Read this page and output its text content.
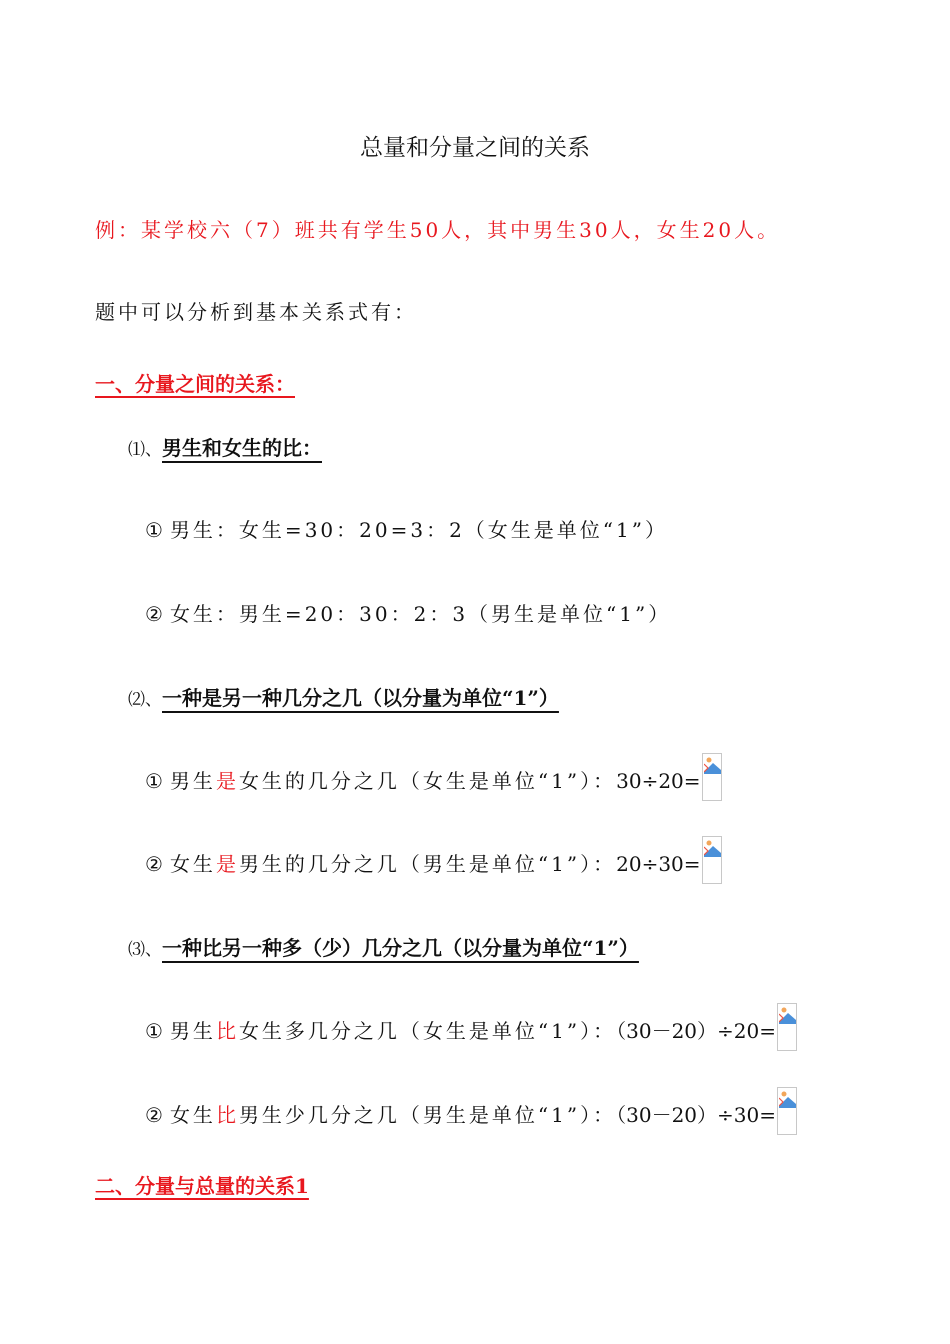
总量和分量之间的关系
例：某学校六（7）班共有学生50人，其中男生30人，女生20人。
题中可以分析到基本关系式有：
一、分量之间的关系：
⑴、男生和女生的比：
① 男生：女生=30：20=3：2（女生是单位“1”）
② 女生：男生=20：30：2：3（男生是单位“1”）
⑵、一种是另一种几分之几（以分量为单位“1”）
① 男生是女生的几分之几（女生是单位“1”）：30÷20=
② 女生是男生的几分之几（男生是单位“1”）：20÷30=
⑶、一种比另一种多（少）几分之几（以分量为单位“1”）
① 男生比女生多几分之几（女生是单位“1”）：（30－20）÷20=
② 女生比男生少几分之几（男生是单位“1”）：（30－20）÷30=
二、分量与总量的关系1
